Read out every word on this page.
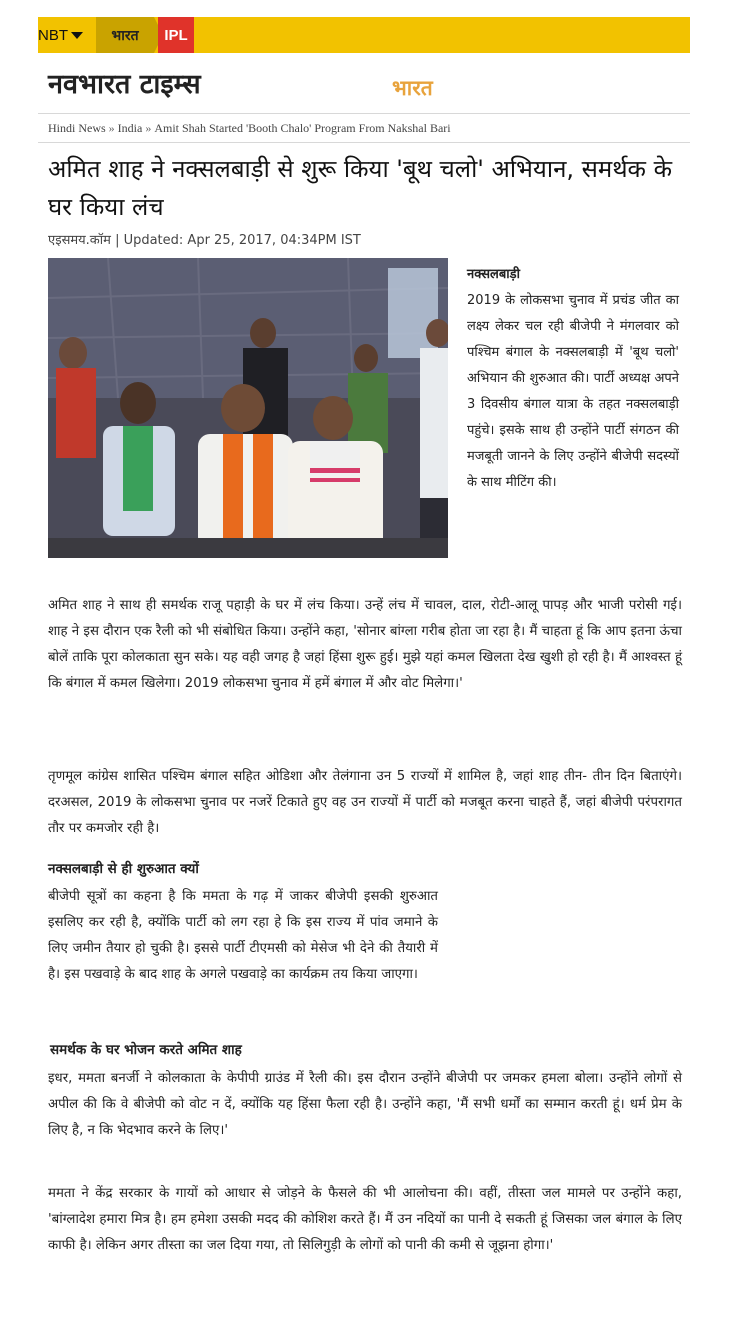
NBT	भारत IPL
नवभारत टाइम्स	भारत
Hindi News » India » Amit Shah Started 'Booth Chalo' Program From Nakshal Bari
अमित शाह ने नक्सलबाड़ी से शुरू किया 'बूथ चलो' अभियान, समर्थक के घर किया लंच
एइसमय.कॉम | Updated: Apr 25, 2017, 04:34PM IST
नक्सलबाड़ी
2019 के लोकसभा चुनाव में प्रचंड जीत का लक्ष्य लेकर चल रही बीजेपी ने मंगलवार को पश्चिम बंगाल के नक्सलबाड़ी में 'बूथ चलो' अभियान की शुरुआत की। पार्टी अध्यक्ष अपने 3 दिवसीय बंगाल यात्रा के तहत नक्सलबाड़ी पहुंचे। इसके साथ ही उन्होंने पार्टी संगठन की मजबूती जानने के लिए उन्होंने बीजेपी सदस्यों के साथ मीटिंग की।

अमित शाह ने साथ ही समर्थक राजू पहाड़ी के घर में लंच किया। उन्हें लंच में चावल, दाल, रोटी-आलू पापड़ और भाजी परोसी गई। शाह ने इस दौरान एक रैली को भी संबोधित किया। उन्होंने कहा, 'सोनार बांग्ला गरीब होता जा रहा है। मैं चाहता हूं कि आप इतना ऊंचा बोलें ताकि पूरा कोलकाता सुन सके। यह वही जगह है जहां हिंसा शुरू हुई। मुझे यहां कमल खिलता देख खुशी हो रही है। मैं आश्वस्त हूं कि बंगाल में कमल खिलेगा। 2019 लोकसभा चुनाव में हमें बंगाल में और वोट मिलेगा।'

तृणमूल कांग्रेस शासित पश्चिम बंगाल सहित ओडिशा और तेलंगाना उन 5 राज्यों में शामिल है, जहां शाह तीन- तीन दिन बिताएंगे। दरअसल, 2019 के लोकसभा चुनाव पर नजरें टिकाते हुए वह उन राज्यों में पार्टी को मजबूत करना चाहते हैं, जहां बीजेपी परंपरागत तौर पर कमजोर रही है।

नक्सलबाड़ी से ही शुरुआत क्यों

बीजेपी सूत्रों का कहना है कि ममता के गढ़ में जाकर बीजेपी इसकी शुरुआत इसलिए कर रही है, क्योंकि पार्टी को लग रहा हे कि इस राज्य में पांव जमाने के लिए जमीन तैयार हो चुकी है। इससे पार्टी टीएमसी को मेसेज भी देने की तैयारी में है। इस पखवाड़े के बाद शाह के अगले पखवाड़े का कार्यक्रम तय किया जाएगा।

समर्थक के घर भोजन करते अमित शाह

इधर, ममता बनर्जी ने कोलकाता के केपीपी ग्राउंड में रैली की। इस दौरान उन्होंने बीजेपी पर जमकर हमला बोला। उन्होंने लोगों से अपील की कि वे बीजेपी को वोट न दें, क्योंकि यह हिंसा फैला रही है। उन्होंने कहा, 'मैं सभी धर्मों का सम्मान करती हूं। धर्म प्रेम के लिए है, न कि भेदभाव करने के लिए।'

ममता ने केंद्र सरकार के गायों को आधार से जोड़ने के फैसले की भी आलोचना की। वहीं, तीस्ता जल मामले पर उन्होंने कहा, 'बांग्लादेश हमारा मित्र है। हम हमेशा उसकी मदद की कोशिश करते हैं। मैं उन नदियों का पानी दे सकती हूं जिसका जल बंगाल के लिए काफी है। लेकिन अगर तीस्ता का जल दिया गया, तो सिलिगुड़ी के लोगों को पानी की कमी से जूझना होगा।'
